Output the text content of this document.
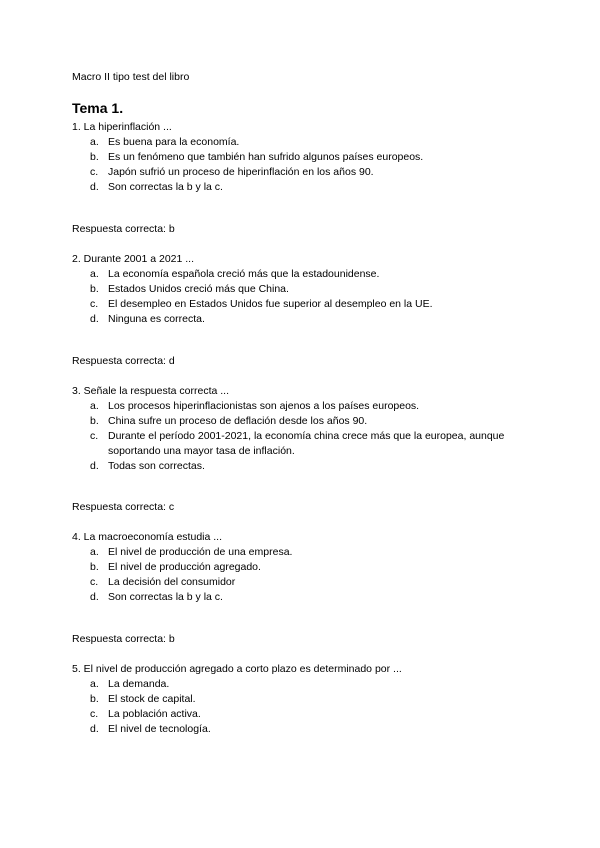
Macro II tipo test del libro
Tema 1.

1. La hiperinflación ...

a. Es buena para la economía.
b. Es un fenómeno que también han sufrido algunos países europeos.
c. Japón sufrió un proceso de hiperinflación en los años 90.
d. Son correctas la b y la c.
Respuesta correcta: b

2. Durante 2001 a 2021 ...

a. La economía española creció más que la estadounidense.
b. Estados Unidos creció más que China.
c. El desempleo en Estados Unidos fue superior al desempleo en la UE.
d. Ninguna es correcta.
Respuesta correcta: d

3. Señale la respuesta correcta ...

a. Los procesos hiperinflacionistas son ajenos a los países europeos.
b. China sufre un proceso de deflación desde los años 90.
c. Durante el período 2001-2021, la economía china crece más que la europea, aunque soportando una mayor tasa de inflación.
d. Todas son correctas.
Respuesta correcta: c

4. La macroeconomía estudia ...

a. El nivel de producción de una empresa.
b. El nivel de producción agregado.
c. La decisión del consumidor
d. Son correctas la b y la c.
Respuesta correcta: b

5. El nivel de producción agregado a corto plazo es determinado por ...

a. La demanda.
b. El stock de capital.
c. La población activa.
d. El nivel de tecnología.
